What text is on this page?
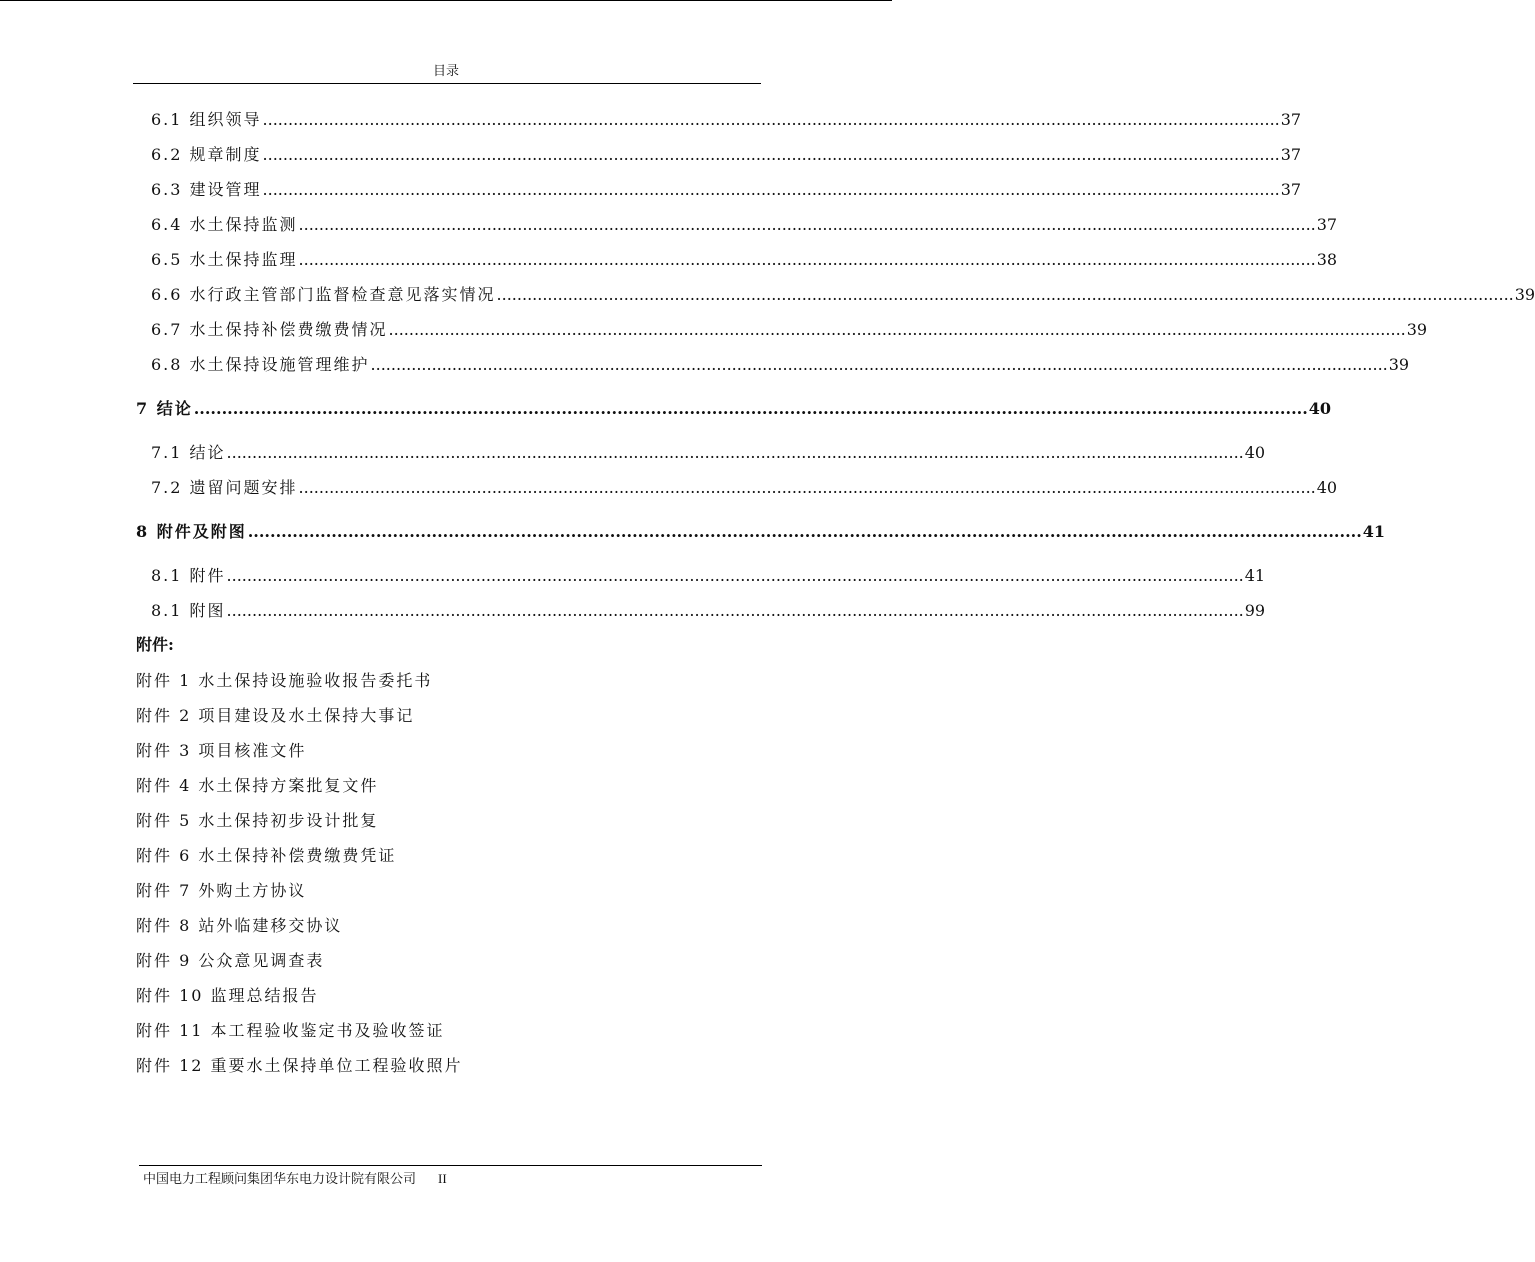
目录
6.1 组织领导 ........................................................................................................................................................................................................ 37
6.2 规章制度 ........................................................................................................................................................................................................ 37
6.3 建设管理 ........................................................................................................................................................................................................ 37
6.4 水土保持监测 ........................................................................................................................................................................................................ 37
6.5 水土保持监理 ........................................................................................................................................................................................................ 38
6.6 水行政主管部门监督检查意见落实情况 ........................................................................................................................................................................................................ 39
6.7 水土保持补偿费缴费情况 ........................................................................................................................................................................................................ 39
6.8 水土保持设施管理维护 ........................................................................................................................................................................................................ 39
7 结论 ........................................................................................................................................................................................................ 40
7.1 结论 ........................................................................................................................................................................................................ 40
7.2 遗留问题安排 ........................................................................................................................................................................................................ 40
8 附件及附图 ........................................................................................................................................................................................................ 41
8.1 附件 ........................................................................................................................................................................................................ 41
8.1 附图 ........................................................................................................................................................................................................ 99
附件:
附件 1 水土保持设施验收报告委托书
附件 2 项目建设及水土保持大事记
附件 3 项目核准文件
附件 4 水土保持方案批复文件
附件 5 水土保持初步设计批复
附件 6 水土保持补偿费缴费凭证
附件 7 外购土方协议
附件 8 站外临建移交协议
附件 9 公众意见调查表
附件 10 监理总结报告
附件 11 本工程验收鉴定书及验收签证
附件 12 重要水土保持单位工程验收照片
中国电力工程顾问集团华东电力设计院有限公司 II
